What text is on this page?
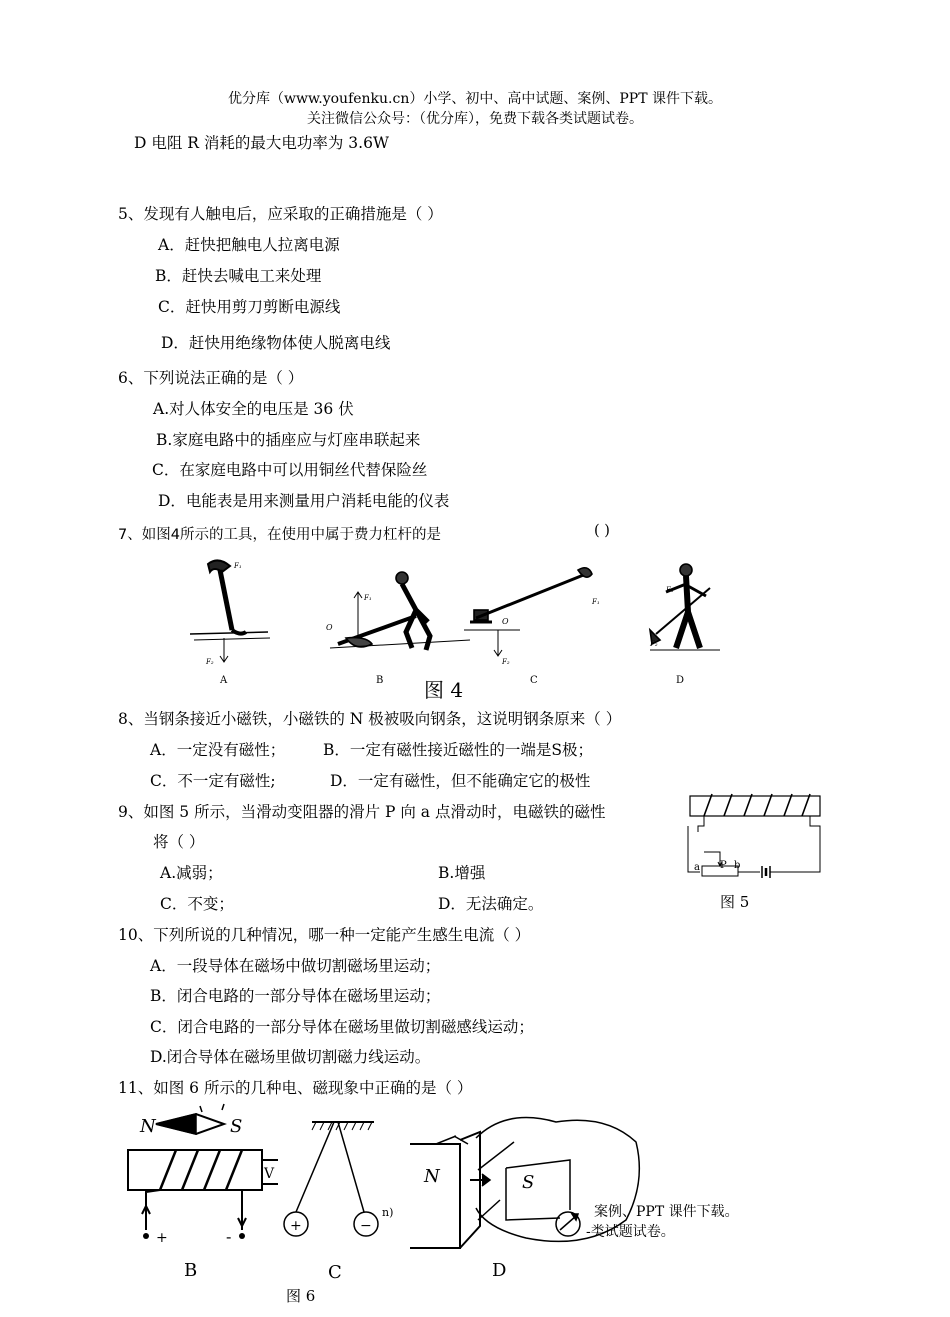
优分库（www.youfenku.cn）小学、初中、高中试题、案例、PPT 课件下载。
关注微信公众号：（优分库），免费下载各类试题试卷。
D 电阻 R 消耗的最大电功率为 3.6W
5、发现有人触电后，应采取的正确措施是（ ）
A．赶快把触电人拉离电源
B．赶快去喊电工来处理
C．赶快用剪刀剪断电源线
D．赶快用绝缘物体使人脱离电线
6、下列说法正确的是（ ）
A.对人体安全的电压是 36 伏
B.家庭电路中的插座应与灯座串联起来
C．在家庭电路中可以用铜丝代替保险丝
D．电能表是用来测量用户消耗电能的仪表
7、如图4所示的工具，在使用中属于费力杠杆的是	( )
F₁
F₂
F₁
O
F₁
F₂
O
F₁
F₂
A	B	C	D
图 4
8、当钢条接近小磁铁，小磁铁的 N 极被吸向钢条，这说明钢条原来（ ）
A．一定没有磁性； B．一定有磁性接近磁性的一端是S极；
C．不一定有磁性;	D．一定有磁性，但不能确定它的极性
9、如图 5 所示，当滑动变阻器的滑片 P 向 a 点滑动时，电磁铁的磁性
将（ ）
A.减弱；	B.增强
C．不变；	D．无法确定。
a P b
图 5
10、下列所说的几种情况，哪一种一定能产生感生电流（ ）
A．一段导体在磁场中做切割磁场里运动；
B．闭合电路的一部分导体在磁场里运动；
C．闭合电路的一部分导体在磁场里做切割磁感线运动；
D.闭合导体在磁场里做切割磁力线运动。
11、如图 6 所示的几种电、磁现象中正确的是（ ）
N	S
V
+	-
+	−
n)
N	S
B	C	D
图 6
案例、PPT 课件下载。
-类试题试卷。
